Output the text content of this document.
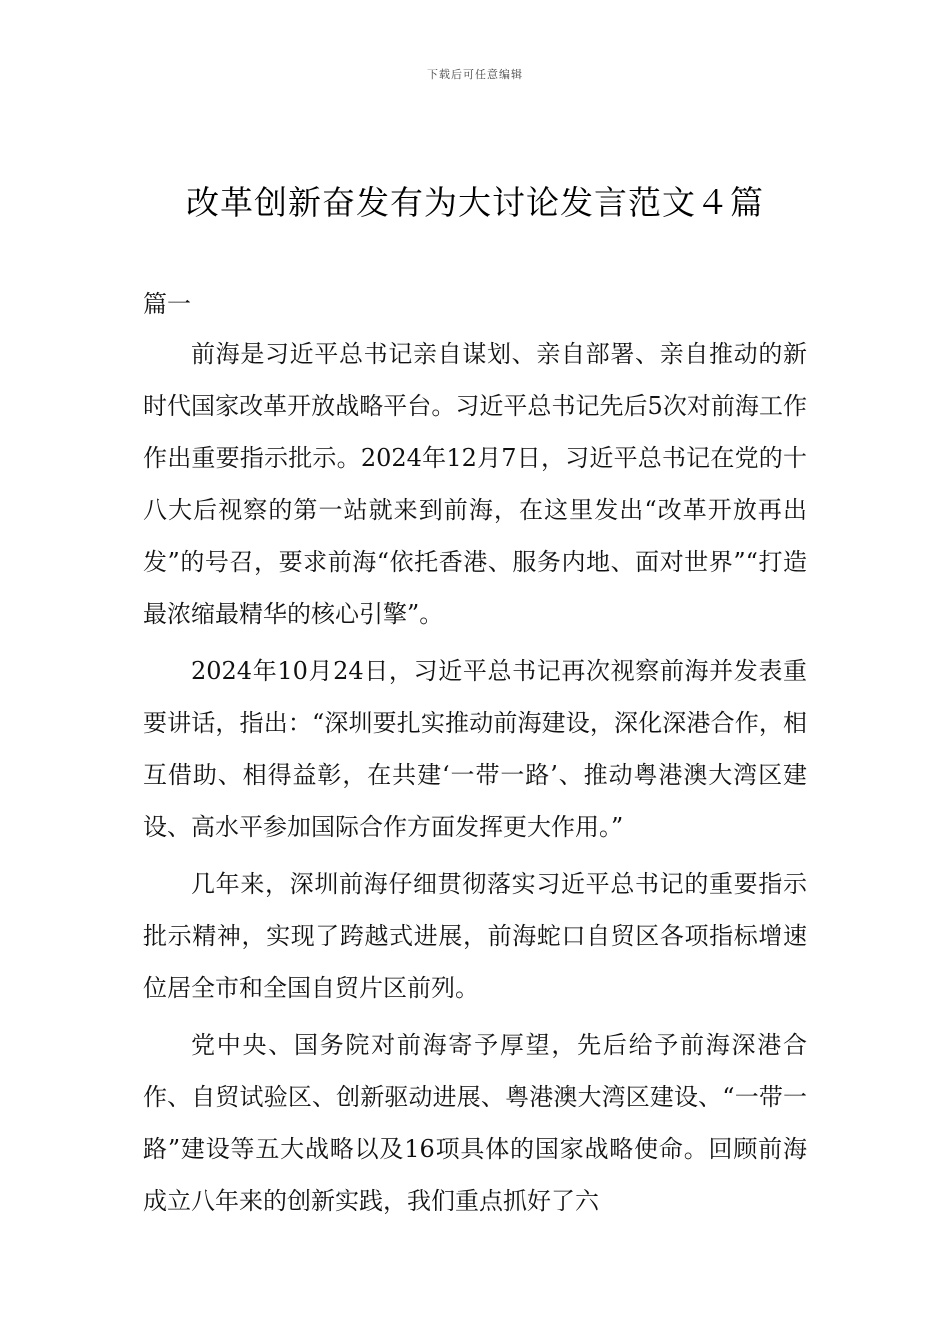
下载后可任意编辑
改革创新奋发有为大讨论发言范文４篇
篇一

前海是习近平总书记亲自谋划、亲自部署、亲自推动的新时代国家改革开放战略平台。习近平总书记先后5次对前海工作作出重要指示批示。2024年12月7日，习近平总书记在党的十八大后视察的第一站就来到前海，在这里发出“改革开放再出发”的号召，要求前海“依托香港、服务内地、面对世界”“打造最浓缩最精华的核心引擎”。

2024年10月24日，习近平总书记再次视察前海并发表重要讲话，指出：“深圳要扎实推动前海建设，深化深港合作，相互借助、相得益彰，在共建‘一带一路’、推动粤港澳大湾区建设、高水平参加国际合作方面发挥更大作用。”

几年来，深圳前海仔细贯彻落实习近平总书记的重要指示批示精神，实现了跨越式进展，前海蛇口自贸区各项指标增速位居全市和全国自贸片区前列。

党中央、国务院对前海寄予厚望，先后给予前海深港合作、自贸试验区、创新驱动进展、粤港澳大湾区建设、“一带一路”建设等五大战略以及16项具体的国家战略使命。回顾前海成立八年来的创新实践，我们重点抓好了六
